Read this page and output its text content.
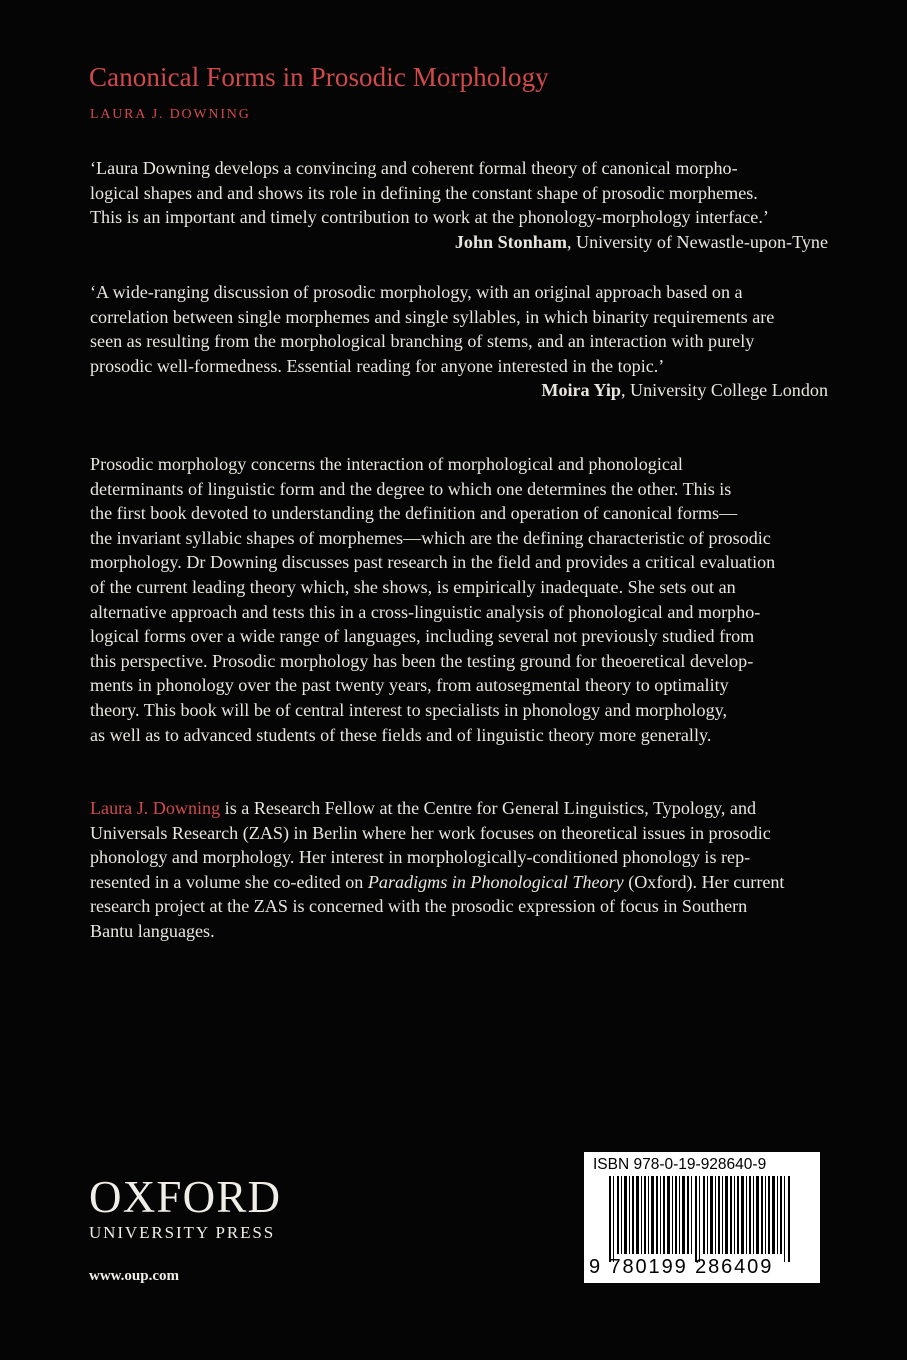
Canonical Forms in Prosodic Morphology
LAURA J. DOWNING
‘Laura Downing develops a convincing and coherent formal theory of canonical morpho-
logical shapes and and shows its role in defining the constant shape of prosodic morphemes.
This is an important and timely contribution to work at the phonology-morphology interface.’
John Stonham, University of Newastle-upon-Tyne
‘A wide-ranging discussion of prosodic morphology, with an original approach based on a
correlation between single morphemes and single syllables, in which binarity requirements are
seen as resulting from the morphological branching of stems, and an interaction with purely
prosodic well-formedness. Essential reading for anyone interested in the topic.’
Moira Yip, University College London
Prosodic morphology concerns the interaction of morphological and phonological
determinants of linguistic form and the degree to which one determines the other. This is
the first book devoted to understanding the definition and operation of canonical forms—
the invariant syllabic shapes of morphemes—which are the defining characteristic of prosodic
morphology. Dr Downing discusses past research in the field and provides a critical evaluation
of the current leading theory which, she shows, is empirically inadequate. She sets out an
alternative approach and tests this in a cross-linguistic analysis of phonological and morpho-
logical forms over a wide range of languages, including several not previously studied from
this perspective. Prosodic morphology has been the testing ground for theoeretical develop-
ments in phonology over the past twenty years, from autosegmental theory to optimality
theory. This book will be of central interest to specialists in phonology and morphology,
as well as to advanced students of these fields and of linguistic theory more generally.
Laura J. Downing is a Research Fellow at the Centre for General Linguistics, Typology, and
Universals Research (ZAS) in Berlin where her work focuses on theoretical issues in prosodic
phonology and morphology. Her interest in morphologically-conditioned phonology is rep-
resented in a volume she co-edited on Paradigms in Phonological Theory (Oxford). Her current
research project at the ZAS is concerned with the prosodic expression of focus in Southern
Bantu languages.
OXFORD
UNIVERSITY PRESS
www.oup.com
ISBN 978-0-19-928640-9
9 780199 286409
